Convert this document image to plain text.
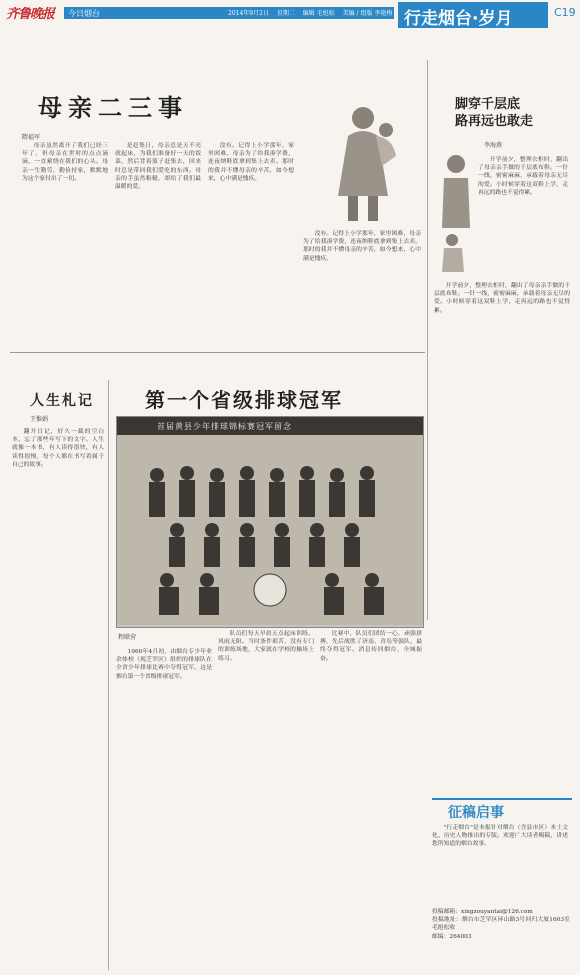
齐鲁晚报 今日烟台	2014年9月2日 星期二 编辑 毛旭松 美编 / 组版 李艳梅 行走烟台·岁月	C19
母亲二三事
隋福军

母亲虽然离开了我们已经三年了，但母亲在世时的点点滴滴，一直萦绕在我们的心头。母亲一生勤劳，勤俭持家，默默地为这个家付出了一切。

是赶集日，母亲总是天不亮就起床，为我们准备好一天的饭菜，然后背着篮子赶集去，回来时总是带回我们爱吃的东西。母亲的手虽然粗糙，却给了我们最温暖的爱。

没有。记得上小学那年，家里困难，母亲为了给我凑学费，连夜纳鞋底拿到集上去卖。那时的我并不懂母亲的辛苦，如今想来，心中满是愧疚。

没有。记得上小学那年，家里困难，母亲为了给我凑学费，连夜纳鞋底拿到集上去卖。那时的我并不懂母亲的辛苦，如今想来，心中满是愧疚。

脚穿千层底
路再远也敢走
李海燕

开学前夕，整理衣柜时，翻出了母亲亲手做的千层底布鞋。一针一线，密密麻麻，承载着母亲无尽的爱。小时候穿着这双鞋上学，走再远的路也不觉得累。

开学前夕，整理衣柜时，翻出了母亲亲手做的千层底布鞋。一针一线，密密麻麻，承载着母亲无尽的爱。小时候穿着这双鞋上学，走再远的路也不觉得累。

人生札记
王惟娟

翻开日记，好久一截的空白本，忘了那些年写下的文字。人生就像一本书，有人读得很快，有人读得很慢，每个人都在书写着属于自己的故事。

第一个省级排球冠军
首届黄县少年排球锦标赛冠军留念
程联营

1960年4月初，由烟台专少年业余体校（现芝罘区）组织的排球队在全省少年排球比赛中夺得冠军，这是烟台第一个省级排球冠军。

队员们每天早晨五点起床训练，风雨无阻。当时条件艰苦，没有专门的训练场地，大家就在学校的操场上练习。

比赛中，队员们团结一心，顽强拼搏，先后战胜了济南、青岛等强队，最终夺得冠军。消息传回烟台，全城振奋。

征稿启事

"行走烟台"是本报针对烟台（含县市区）本土文化、历史人物推出的专版。欢迎广大读者赐稿，讲述您所知道的烟台故事。

投稿邮箱：xingzouyantai@126.com
投稿地址：烟台市芝罘区环山路3号回归大厦1603室 毛旭松收
邮编：264003
